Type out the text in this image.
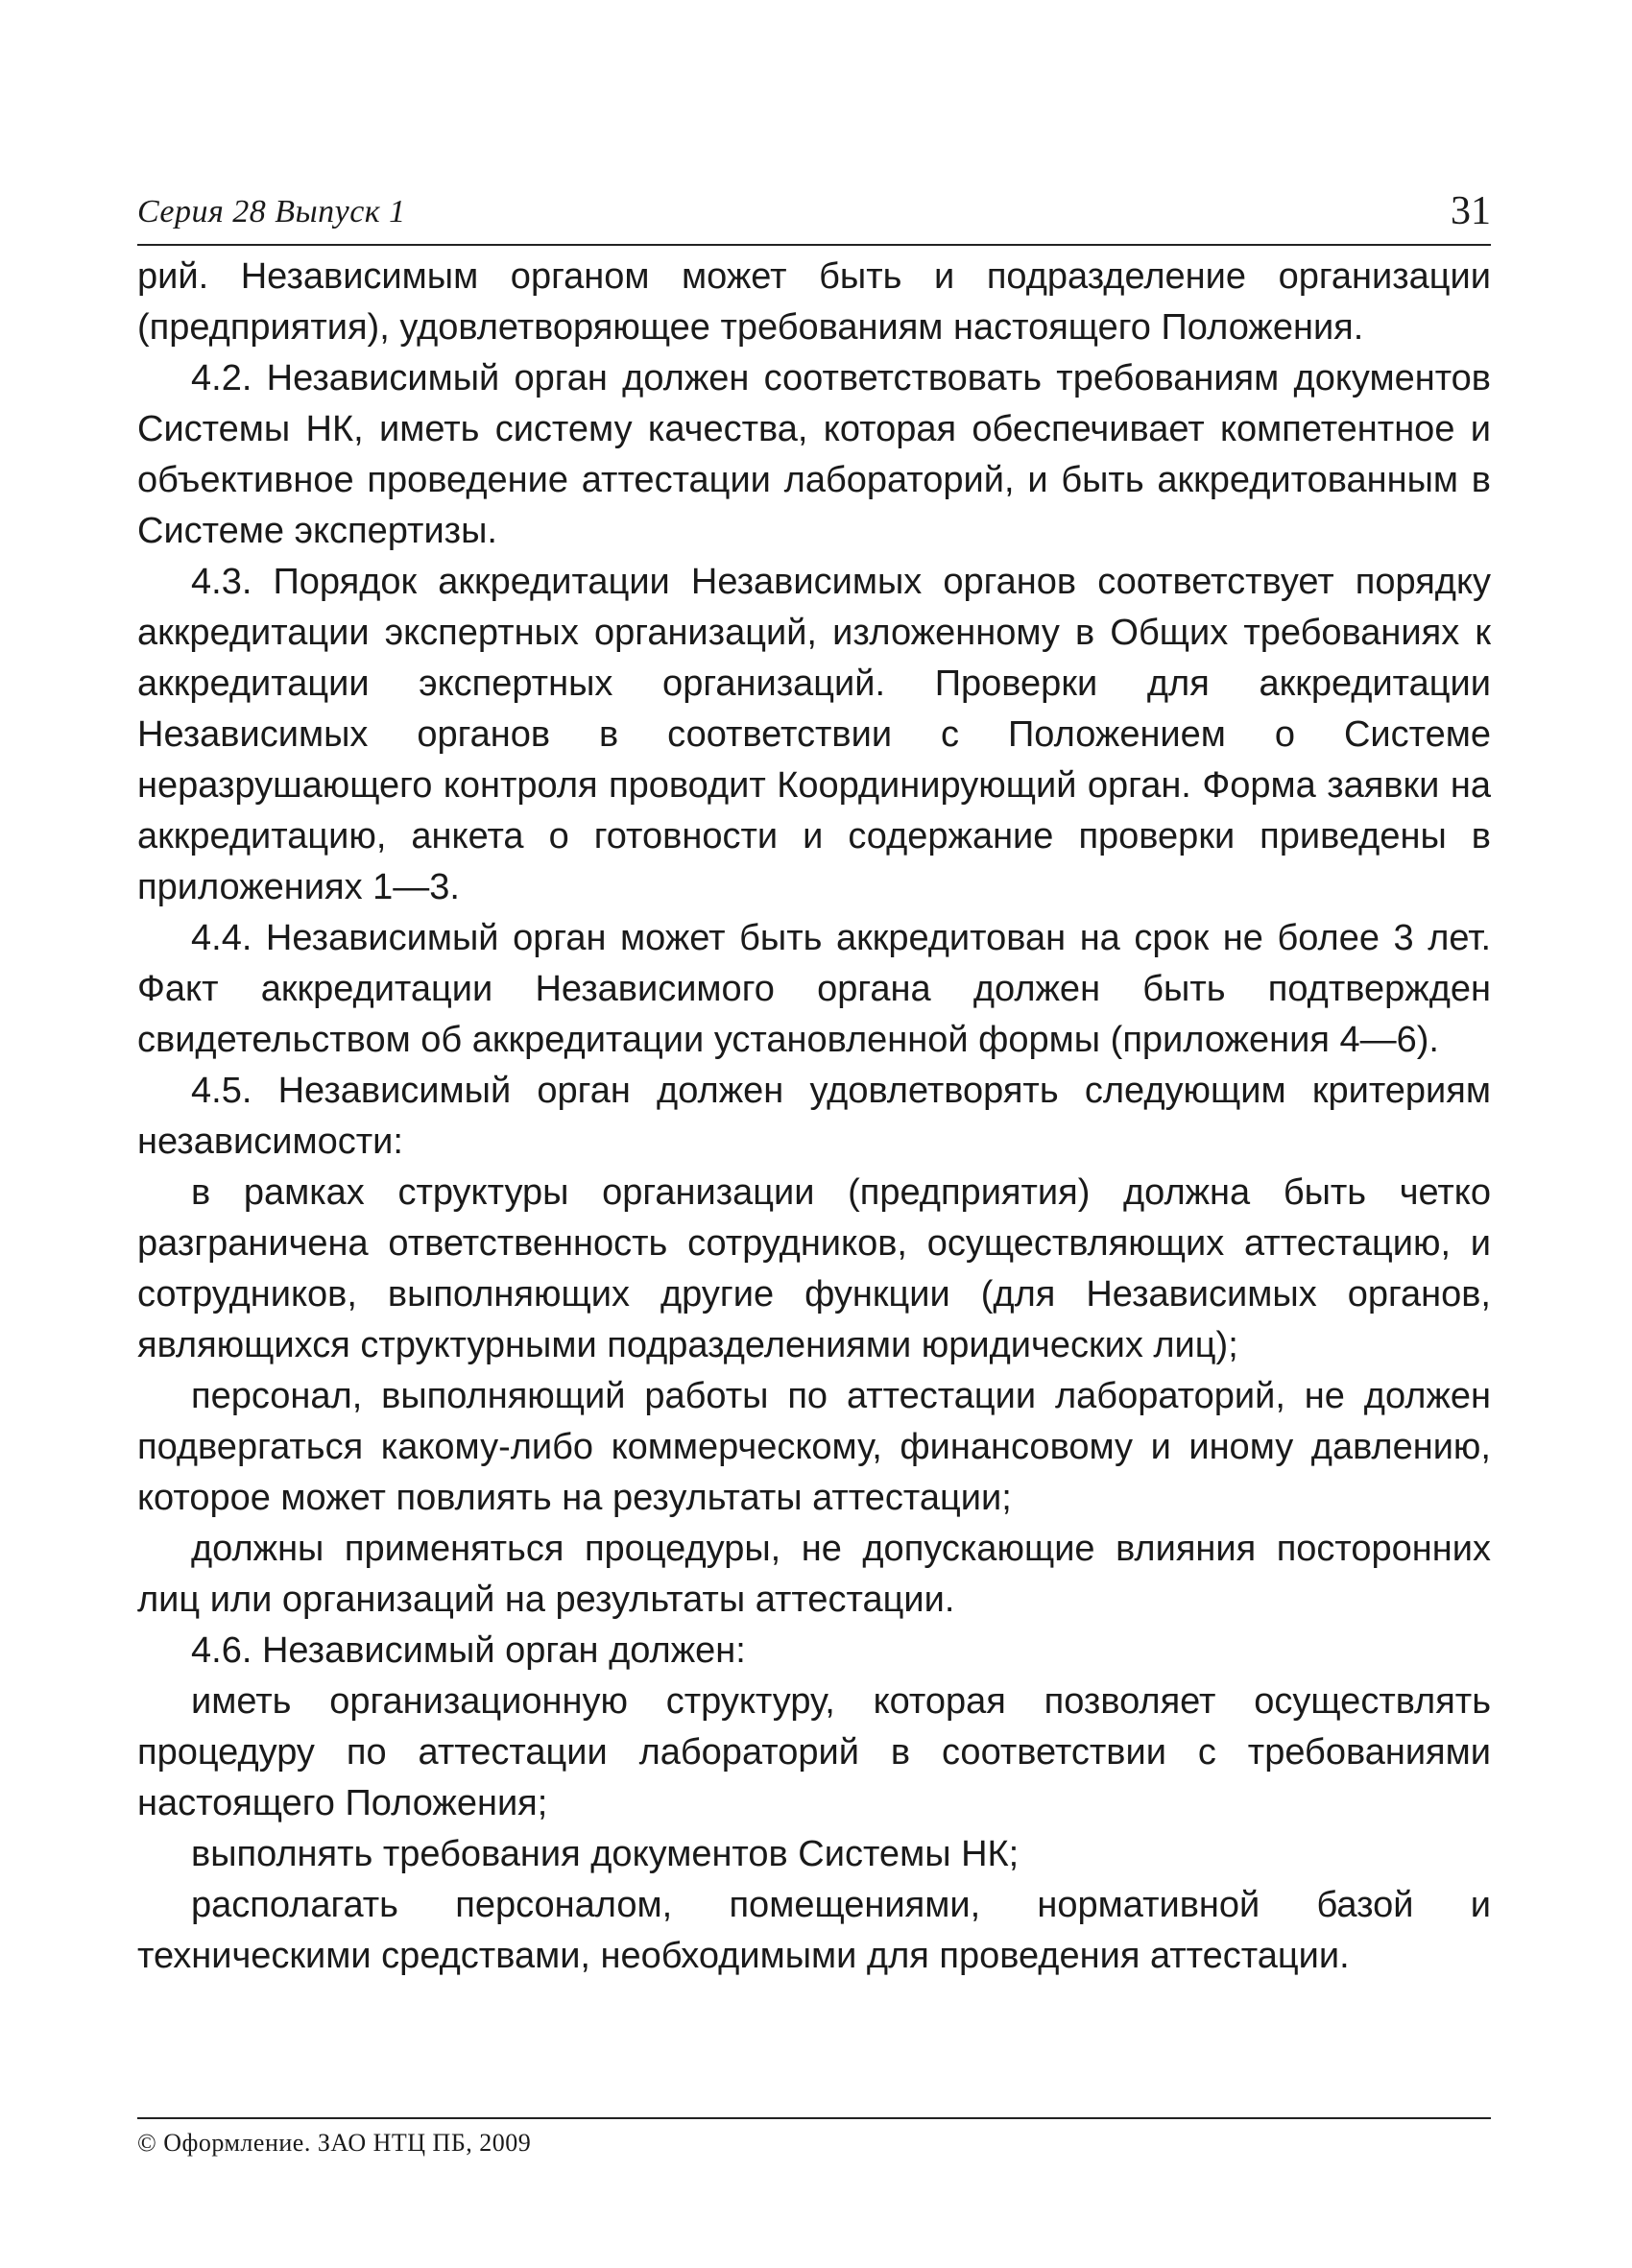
Серия 28 Выпуск 1	31

рий. Независимым органом может быть и подразделение организации (предприятия), удовлетворяющее требованиям настоящего Положения.

4.2. Независимый орган должен соответствовать требованиям документов Системы НК, иметь систему качества, которая обеспечивает компетентное и объективное проведение аттестации лабораторий, и быть аккредитованным в Системе экспертизы.

4.3. Порядок аккредитации Независимых органов соответствует порядку аккредитации экспертных организаций, изложенному в Общих требованиях к аккредитации экспертных организаций. Проверки для аккредитации Независимых органов в соответствии с Положением о Системе неразрушающего контроля проводит Координирующий орган. Форма заявки на аккредитацию, анкета о готовности и содержание проверки приведены в приложениях 1—3.

4.4. Независимый орган может быть аккредитован на срок не более 3 лет. Факт аккредитации Независимого органа должен быть подтвержден свидетельством об аккредитации установленной формы (приложения 4—6).

4.5. Независимый орган должен удовлетворять следующим критериям независимости:

в рамках структуры организации (предприятия) должна быть четко разграничена ответственность сотрудников, осуществляющих аттестацию, и сотрудников, выполняющих другие функции (для Независимых органов, являющихся структурными подразделениями юридических лиц);

персонал, выполняющий работы по аттестации лабораторий, не должен подвергаться какому-либо коммерческому, финансовому и иному давлению, которое может повлиять на результаты аттестации;

должны применяться процедуры, не допускающие влияния посторонних лиц или организаций на результаты аттестации.

4.6. Независимый орган должен:

иметь организационную структуру, которая позволяет осуществлять процедуру по аттестации лабораторий в соответствии с требованиями настоящего Положения;

выполнять требования документов Системы НК;

располагать персоналом, помещениями, нормативной базой и техническими средствами, необходимыми для проведения аттестации.

© Оформление. ЗАО НТЦ ПБ, 2009
